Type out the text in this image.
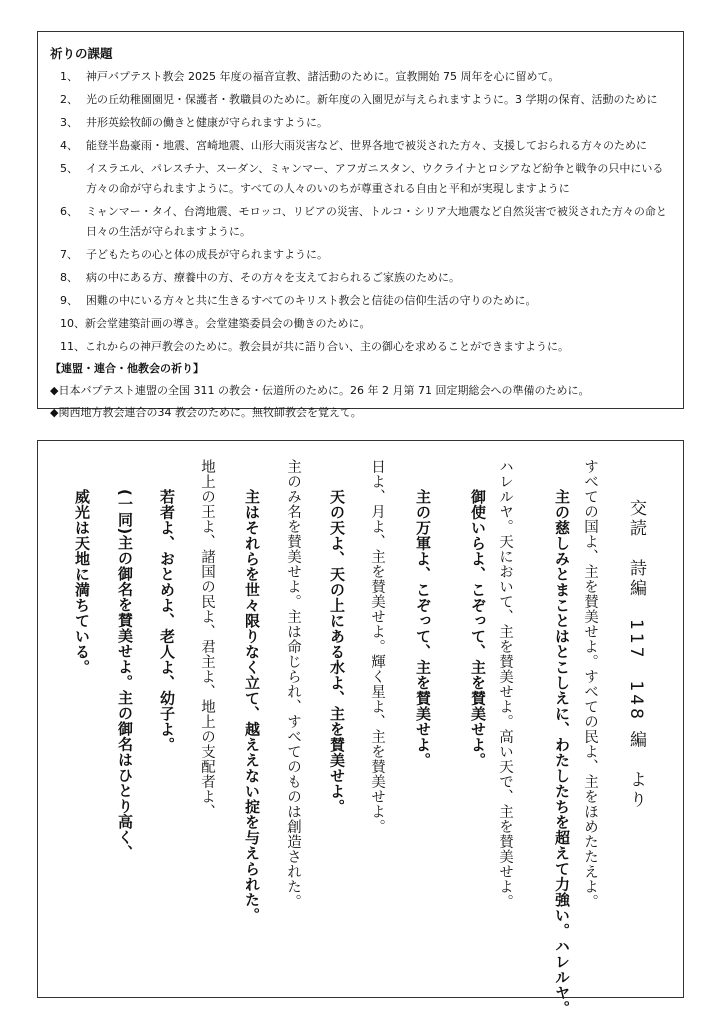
祈りの課題
1、 神戸バプテスト教会 2025 年度の福音宣教、諸活動のために。宣教開始 75 周年を心に留めて。
2、 光の丘幼稚園園児・保護者・教職員のために。新年度の入園児が与えられますように。3 学期の保育、活動のために
3、 井形英絵牧師の働きと健康が守られますように。
4、 能登半島豪雨・地震、宮崎地震、山形大雨災害など、世界各地で被災された方々、支援しておられる方々のために
5、 イスラエル、パレスチナ、スーダン、ミャンマー、アフガニスタン、ウクライナとロシアなど紛争と戦争の只中にいる
方々の命が守られますように。すべての人々のいのちが尊重される自由と平和が実現しますように
6、 ミャンマー・タイ、台湾地震、モロッコ、リビアの災害、トルコ・シリア大地震など自然災害で被災された方々の命と
日々の生活が守られますように。
7、 子どもたちの心と体の成長が守られますように。
8、 病の中にある方、療養中の方、その方々を支えておられるご家族のために。
9、 困難の中にいる方々と共に生きるすべてのキリスト教会と信徒の信仰生活の守りのために。
10、新会堂建築計画の導き。会堂建築委員会の働きのために。
11、これからの神戸教会のために。教会員が共に語り合い、主の御心を求めることができますように。
【連盟・連合・他教会の祈り】
◆日本バプテスト連盟の全国 311 の教会・伝道所のために。26 年 2 月第 71 回定期総会への準備のために。
◆関西地方教会連合の34 教会のために。無牧師教会を覚えて。
交読　詩編　117　148 編　より
すべての国よ、主を賛美せよ。すべての民よ、主をほめたたえよ。
主の慈しみとまことはとこしえに、わたしたちを超えて力強い。ハレルヤ。
ハレルヤ。天において、主を賛美せよ。高い天で、主を賛美せよ。
御使いらよ、こぞって、主を賛美せよ。
主の万軍よ、こぞって、主を賛美せよ。
日よ、月よ、主を賛美せよ。輝く星よ、主を賛美せよ。
天の天よ、天の上にある水よ、主を賛美せよ。
主のみ名を賛美せよ。主は命じられ、すべてのものは創造された。
主はそれらを世々限りなく立て、越ええない掟を与えられた。
地上の王よ、諸国の民よ、君主よ、地上の支配者よ、
若者よ、おとめよ、老人よ、幼子よ。
(一同)主の御名を賛美せよ。主の御名はひとり高く、
威光は天地に満ちている。
